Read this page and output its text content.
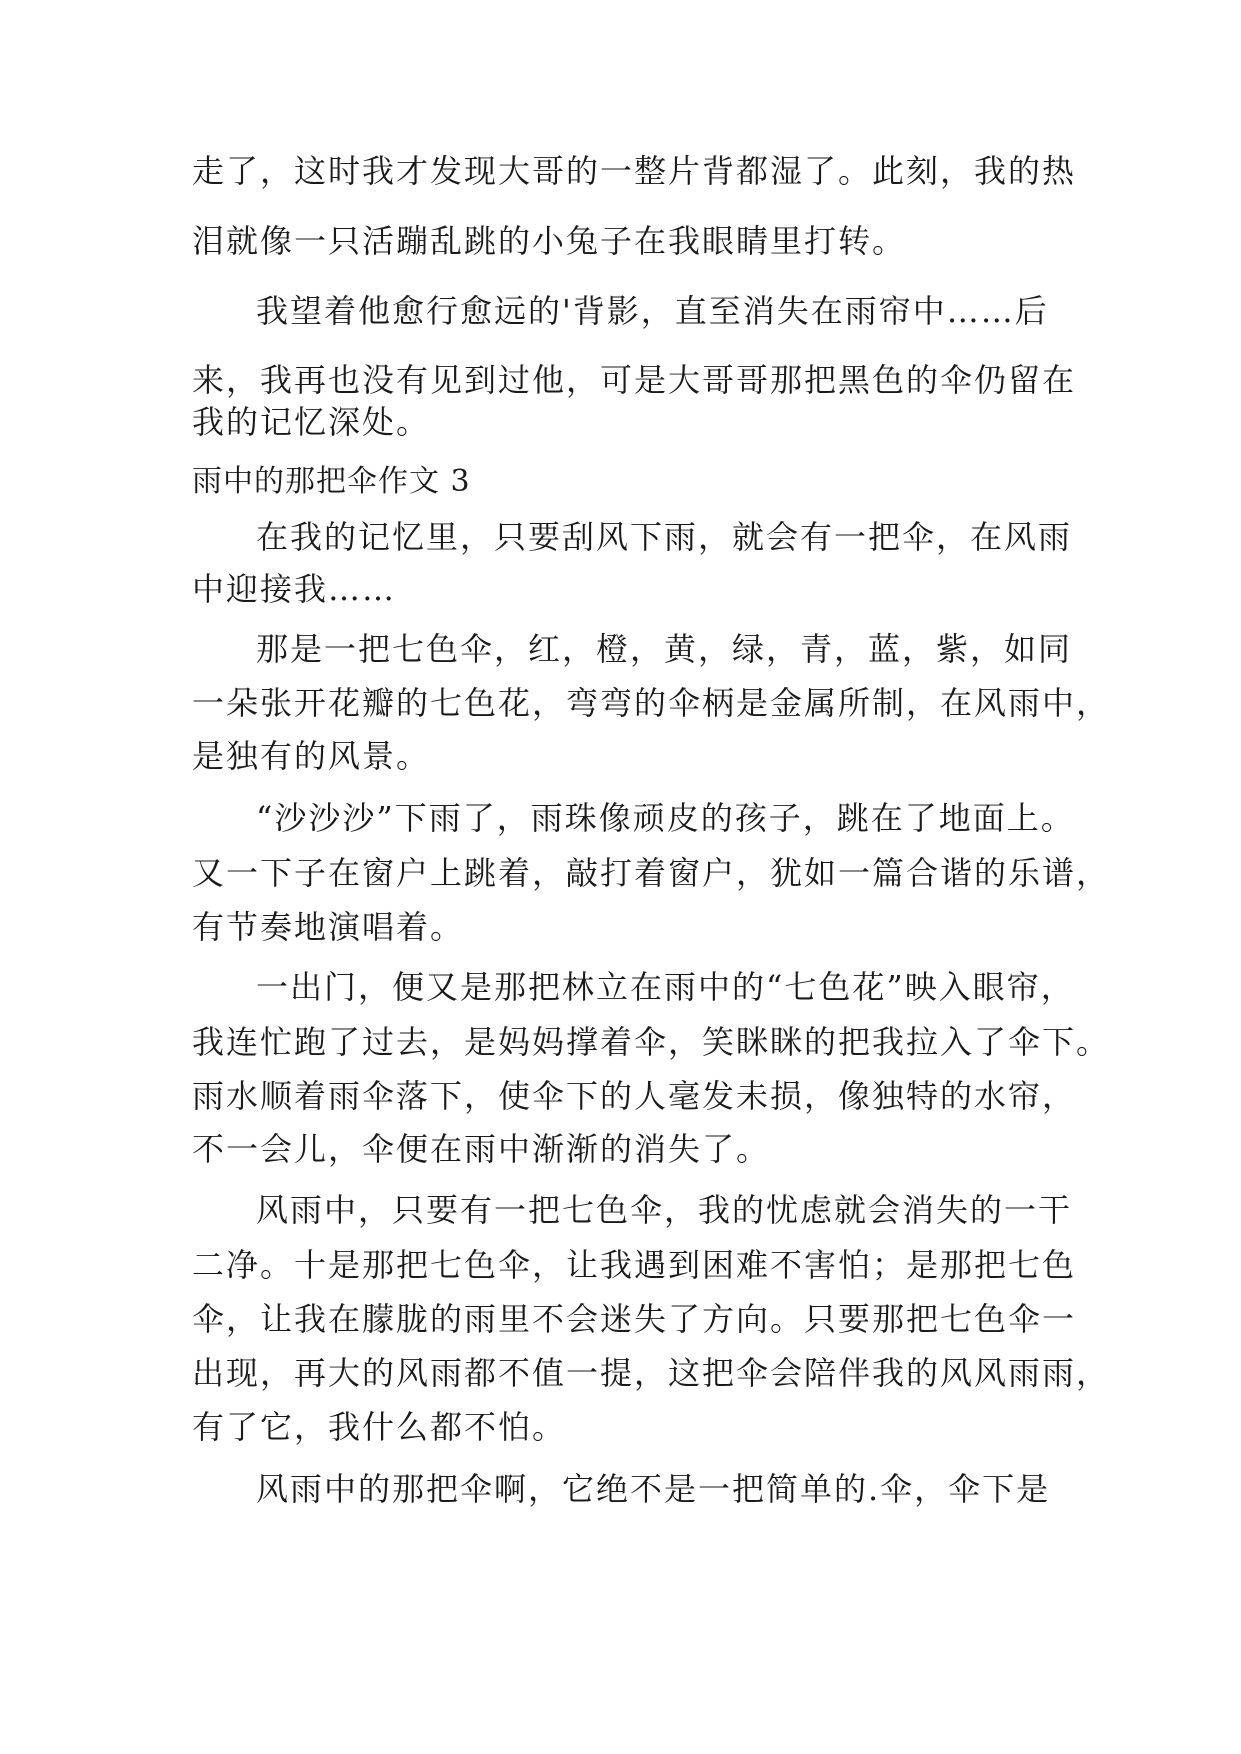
走了，这时我才发现大哥的一整片背都湿了。此刻，我的热
泪就像一只活蹦乱跳的小兔子在我眼睛里打转。
我望着他愈行愈远的'背影，直至消失在雨帘中……后
来，我再也没有见到过他，可是大哥哥那把黑色的伞仍留在
我的记忆深处。
雨中的那把伞作文 3
在我的记忆里，只要刮风下雨，就会有一把伞，在风雨
中迎接我……
那是一把七色伞，红，橙，黄，绿，青，蓝，紫，如同
一朵张开花瓣的七色花，弯弯的伞柄是金属所制，在风雨中，
是独有的风景。
“沙沙沙”下雨了，雨珠像顽皮的孩子，跳在了地面上。
又一下子在窗户上跳着，敲打着窗户，犹如一篇合谐的乐谱，
有节奏地演唱着。
一出门，便又是那把林立在雨中的“七色花”映入眼帘，
我连忙跑了过去，是妈妈撑着伞，笑眯眯的把我拉入了伞下。
雨水顺着雨伞落下，使伞下的人毫发未损，像独特的水帘，
不一会儿，伞便在雨中渐渐的消失了。
风雨中，只要有一把七色伞，我的忧虑就会消失的一干
二净。十是那把七色伞，让我遇到困难不害怕；是那把七色
伞，让我在朦胧的雨里不会迷失了方向。只要那把七色伞一
出现，再大的风雨都不值一提，这把伞会陪伴我的风风雨雨，
有了它，我什么都不怕。
风雨中的那把伞啊，它绝不是一把简单的.伞，伞下是
